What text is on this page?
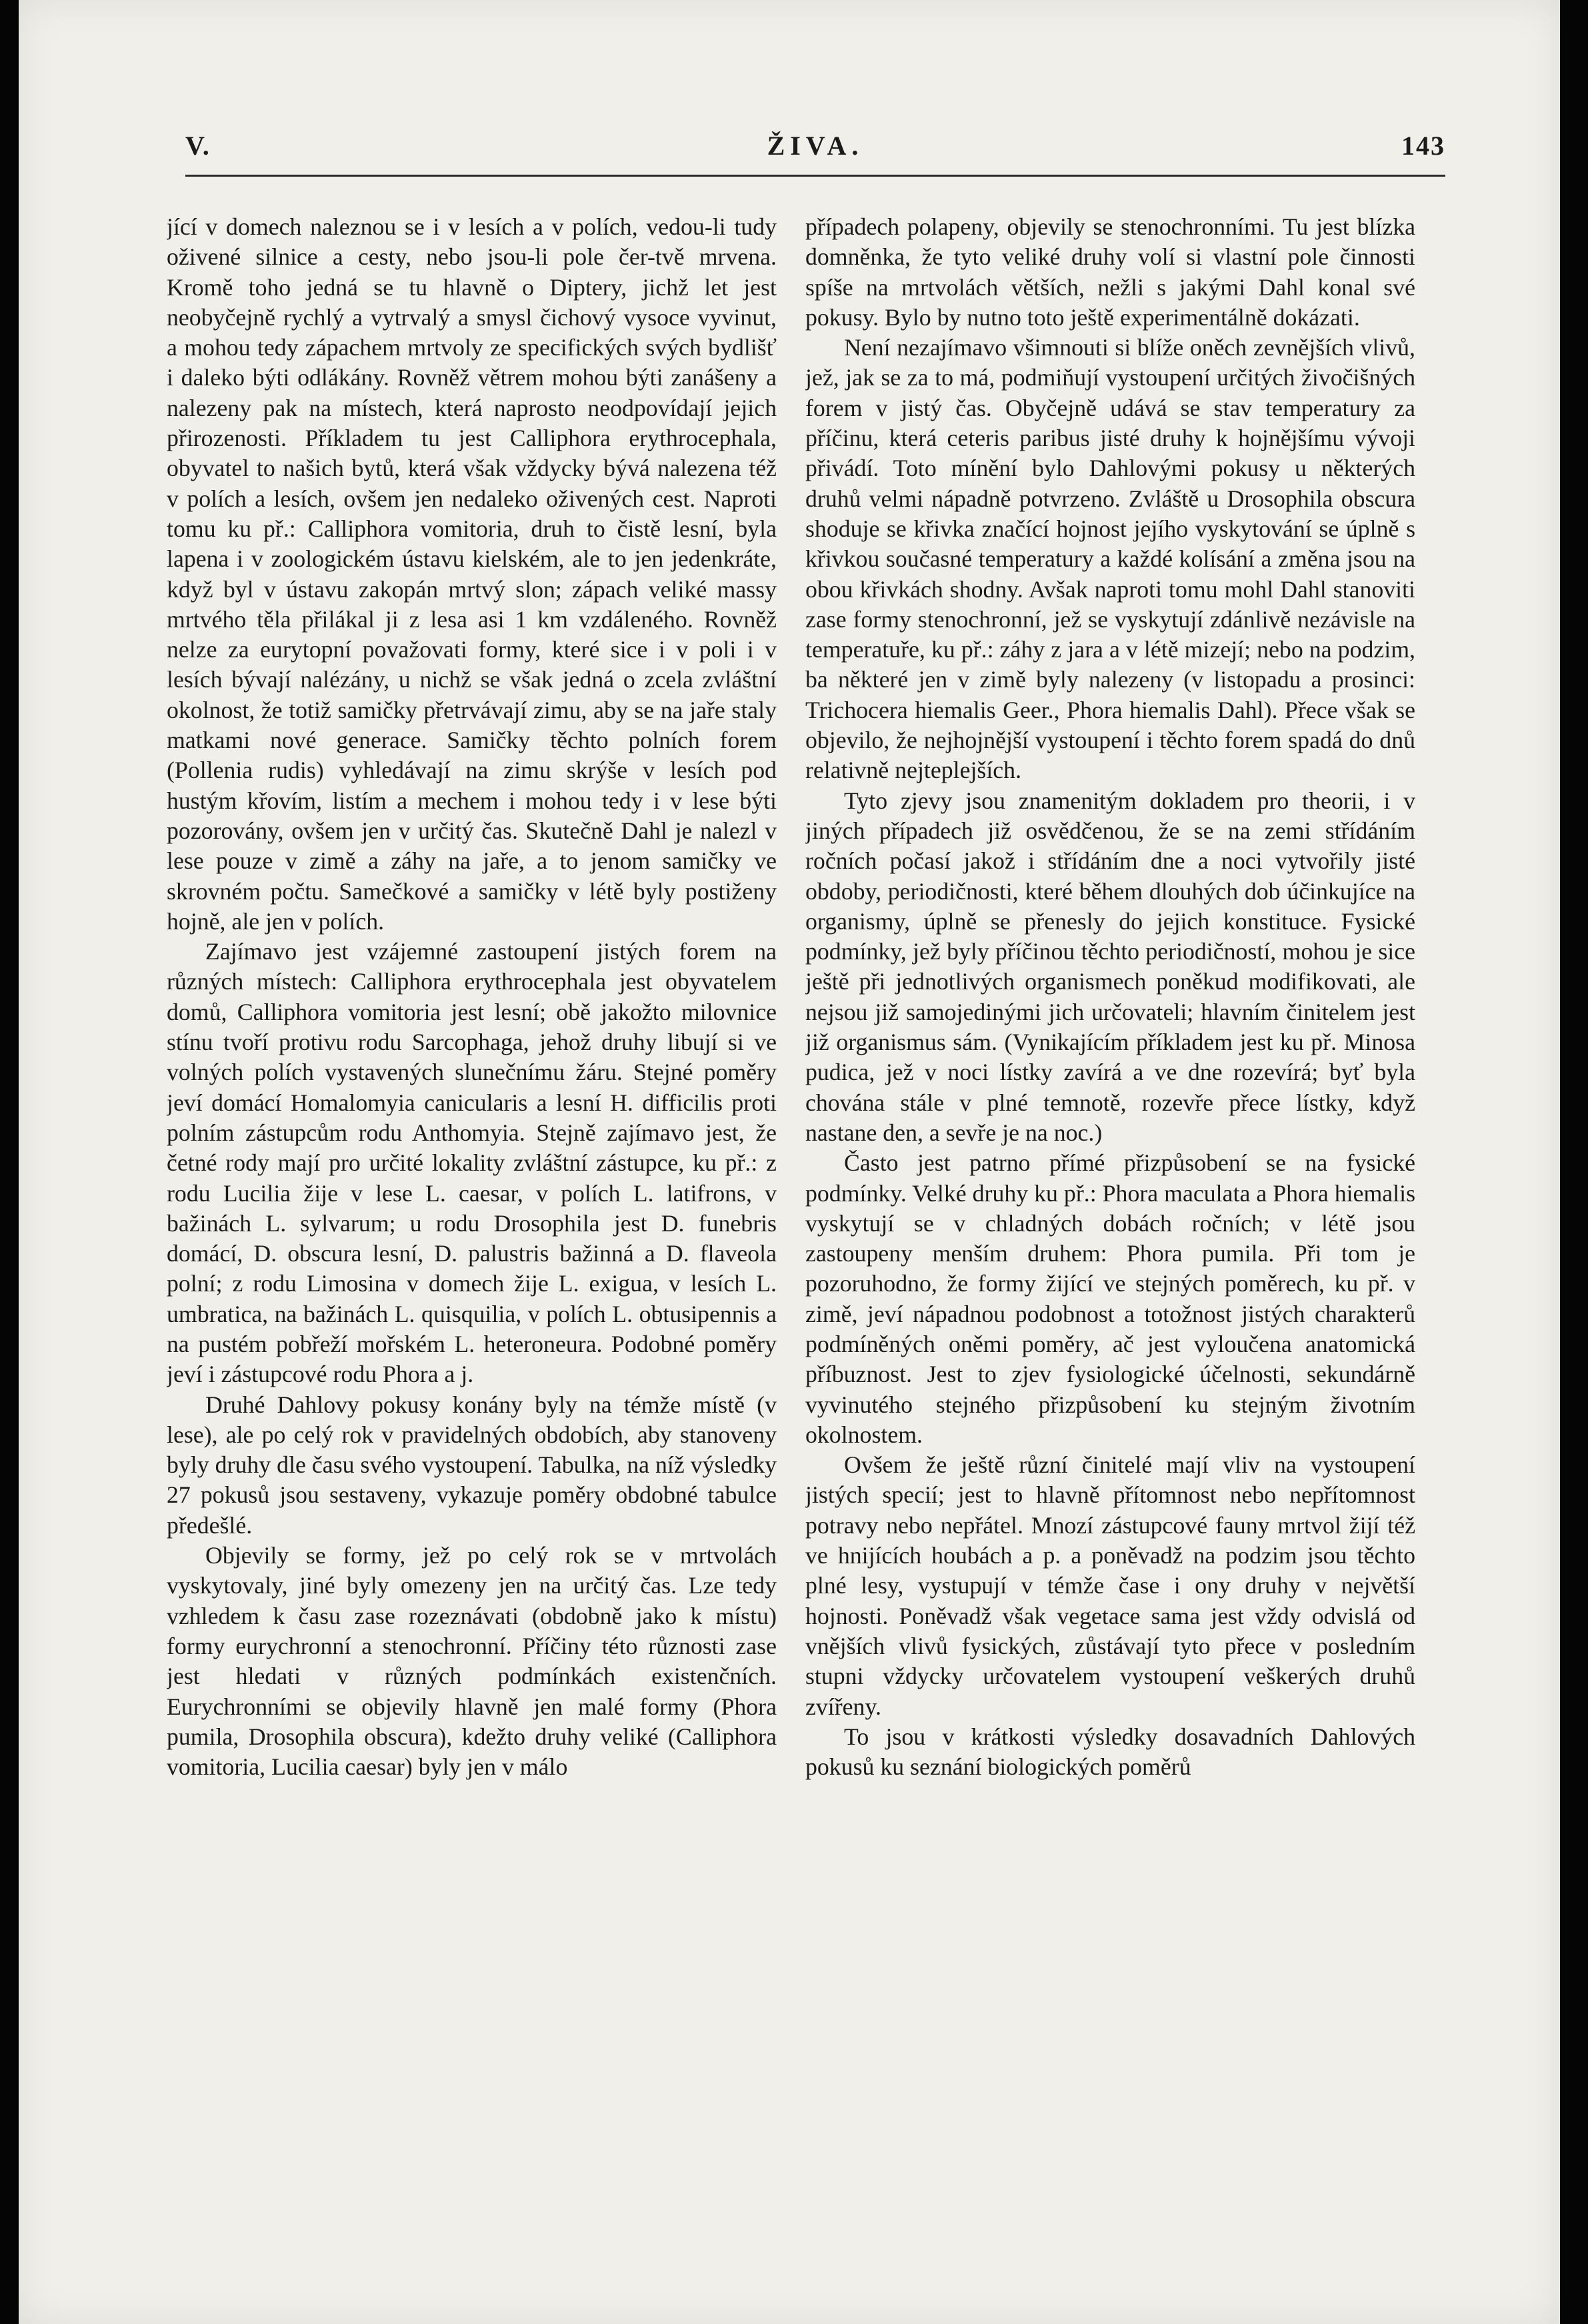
ŽIVA.
V.	143

jící v domech naleznou se i v lesích a v polích, vedou-li tudy oživené silnice a cesty, nebo jsou-li pole čer-tvě mrvena. Kromě toho jedná se tu hlavně o Diptery, jichž let jest neobyčejně rychlý a vytrvalý a smysl čichový vysoce vyvinut, a mohou tedy zápachem mrtvoly ze specifických svých bydlišť i daleko býti odlákány. Rovněž větrem mohou býti zanášeny a nalezeny pak na místech, která naprosto neodpovídají jejich přirozenosti. Příkladem tu jest Calliphora erythrocephala, obyvatel to našich bytů, která však vždycky bývá nalezena též v polích a lesích, ovšem jen nedaleko oživených cest. Naproti tomu ku př.: Calliphora vomitoria, druh to čistě lesní, byla lapena i v zoologickém ústavu kielském, ale to jen jedenkráte, když byl v ústavu zakopán mrtvý slon; zápach veliké massy mrtvého těla přilákal ji z lesa asi 1 km vzdáleného. Rovněž nelze za eurytopní považovati formy, které sice i v poli i v lesích bývají nalézány, u nichž se však jedná o zcela zvláštní okolnost, že totiž samičky přetrvávají zimu, aby se na jaře staly matkami nové generace. Samičky těchto polních forem (Pollenia rudis) vyhledávají na zimu skrýše v lesích pod hustým křovím, listím a mechem i mohou tedy i v lese býti pozorovány, ovšem jen v určitý čas. Skutečně Dahl je nalezl v lese pouze v zimě a záhy na jaře, a to jenom samičky ve skrovném počtu. Samečkové a samičky v létě byly postiženy hojně, ale jen v polích.

Zajímavo jest vzájemné zastoupení jistých forem na různých místech: Calliphora erythrocephala jest obyvatelem domů, Calliphora vomitoria jest lesní; obě jakožto milovnice stínu tvoří protivu rodu Sarcophaga, jehož druhy libují si ve volných polích vystavených slunečnímu žáru. Stejné poměry jeví domácí Homalomyia canicularis a lesní H. difficilis proti polním zástupcům rodu Anthomyia. Stejně zajímavo jest, že četné rody mají pro určité lokality zvláštní zástupce, ku př.: z rodu Lucilia žije v lese L. caesar, v polích L. latifrons, v bažinách L. sylvarum; u rodu Drosophila jest D. funebris domácí, D. obscura lesní, D. palustris bažinná a D. flaveola polní; z rodu Limosina v domech žije L. exigua, v lesích L. umbratica, na bažinách L. quisquilia, v polích L. obtusipennis a na pustém pobřeží mořském L. heteroneura. Podobné poměry jeví i zástupcové rodu Phora a j.

Druhé Dahlovy pokusy konány byly na témže místě (v lese), ale po celý rok v pravidelných obdobích, aby stanoveny byly druhy dle času svého vystoupení. Tabulka, na níž výsledky 27 pokusů jsou sestaveny, vykazuje poměry obdobné tabulce předešlé.

Objevily se formy, jež po celý rok se v mrtvolách vyskytovaly, jiné byly omezeny jen na určitý čas. Lze tedy vzhledem k času zase rozeznávati (obdobně jako k místu) formy eurychronní a stenochronní. Příčiny této různosti zase jest hledati v různých podmínkách existenčních. Eurychronními se objevily hlavně jen malé formy (Phora pumila, Drosophila obscura), kdežto druhy veliké (Calliphora vomitoria, Lucilia caesar) byly jen v málo

případech polapeny, objevily se stenochronními. Tu jest blízka domněnka, že tyto veliké druhy volí si vlastní pole činnosti spíše na mrtvolách větších, nežli s jakými Dahl konal své pokusy. Bylo by nutno toto ještě experimentálně dokázati.

Není nezajímavo všimnouti si blíže oněch zevnějších vlivů, jež, jak se za to má, podmiňují vystoupení určitých živočišných forem v jistý čas. Obyčejně udává se stav temperatury za příčinu, která ceteris paribus jisté druhy k hojnějšímu vývoji přivádí. Toto mínění bylo Dahlovými pokusy u některých druhů velmi nápadně potvrzeno. Zvláště u Drosophila obscura shoduje se křivka značící hojnost jejího vyskytování se úplně s křivkou současné temperatury a každé kolísání a změna jsou na obou křivkách shodny. Avšak naproti tomu mohl Dahl stanoviti zase formy stenochronní, jež se vyskytují zdánlivě nezávisle na temperatuře, ku př.: záhy z jara a v létě mizejí; nebo na podzim, ba některé jen v zimě byly nalezeny (v listopadu a prosinci: Trichocera hiemalis Geer., Phora hiemalis Dahl). Přece však se objevilo, že nejhojnější vystoupení i těchto forem spadá do dnů relativně nejteplejších.

Tyto zjevy jsou znamenitým dokladem pro theorii, i v jiných případech již osvědčenou, že se na zemi střídáním ročních počasí jakož i střídáním dne a noci vytvořily jisté obdoby, periodičnosti, které během dlouhých dob účinkujíce na organismy, úplně se přenesly do jejich konstituce. Fysické podmínky, jež byly příčinou těchto periodičností, mohou je sice ještě při jednotlivých organismech poněkud modifikovati, ale nejsou již samojedinými jich určovateli; hlavním činitelem jest již organismus sám. (Vynikajícím příkladem jest ku př. Minosa pudica, jež v noci lístky zavírá a ve dne rozevírá; byť byla chována stále v plné temnotě, rozevře přece lístky, když nastane den, a sevře je na noc.)

Často jest patrno přímé přizpůsobení se na fysické podmínky. Velké druhy ku př.: Phora maculata a Phora hiemalis vyskytují se v chladných dobách ročních; v létě jsou zastoupeny menším druhem: Phora pumila. Při tom je pozoruhodno, že formy žijící ve stejných poměrech, ku př. v zimě, jeví nápadnou podobnost a totožnost jistých charakterů podmíněných oněmi poměry, ač jest vyloučena anatomická příbuznost. Jest to zjev fysiologické účelnosti, sekundárně vyvinutého stejného přizpůsobení ku stejným životním okolnostem.

Ovšem že ještě různí činitelé mají vliv na vystoupení jistých specií; jest to hlavně přítomnost nebo nepřítomnost potravy nebo nepřátel. Mnozí zástupcové fauny mrtvol žijí též ve hnijících houbách a p. a poněvadž na podzim jsou těchto plné lesy, vystupují v témže čase i ony druhy v největší hojnosti. Poněvadž však vegetace sama jest vždy odvislá od vnějších vlivů fysických, zůstávají tyto přece v posledním stupni vždycky určovatelem vystoupení veškerých druhů zvířeny.

To jsou v krátkosti výsledky dosavadních Dahlových pokusů ku seznání biologických poměrů
